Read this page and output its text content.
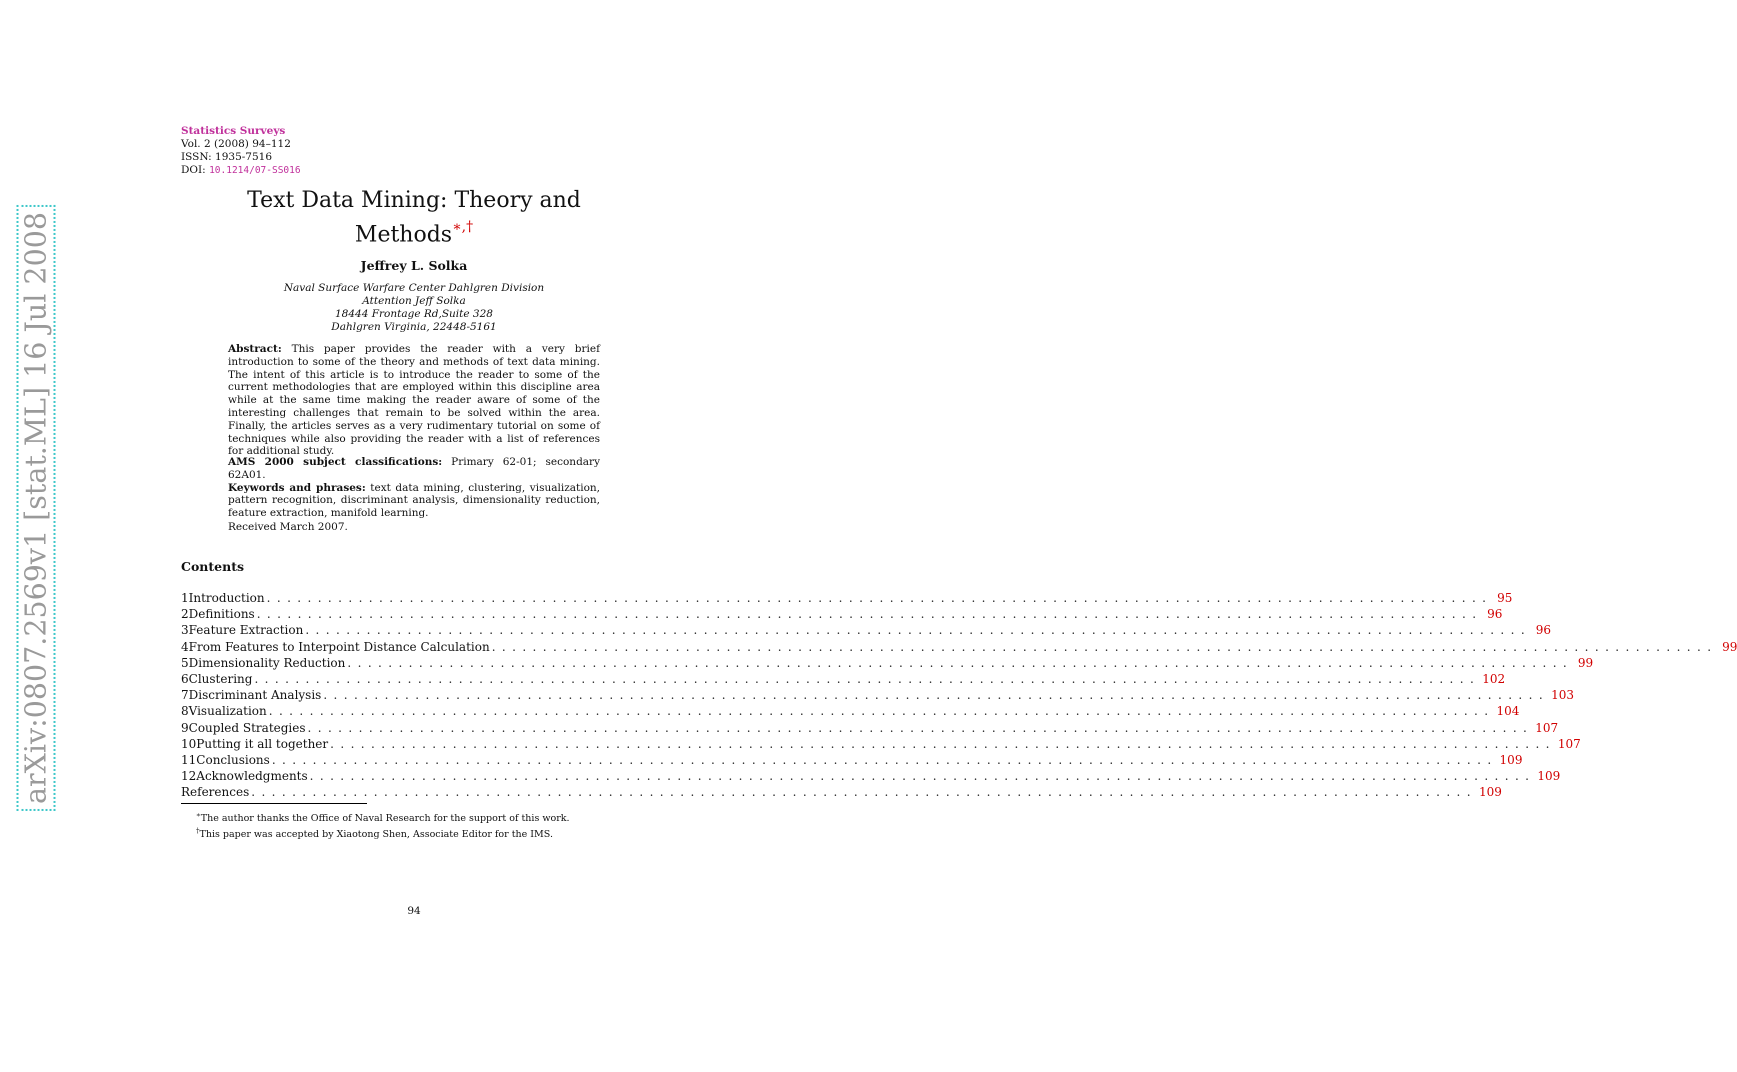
arXiv:0807.2569v1 [stat.ML] 16 Jul 2008
Statistics Surveys
Vol. 2 (2008) 94–112
ISSN: 1935-7516
DOI: 10.1214/07-SS016
Text Data Mining: Theory and
Methods∗,†
Jeffrey L. Solka
Naval Surface Warfare Center Dahlgren Division
Attention Jeff Solka
18444 Frontage Rd,Suite 328
Dahlgren Virginia, 22448-5161
Abstract: This paper provides the reader with a very brief introduction to some of the theory and methods of text data mining. The intent of this article is to introduce the reader to some of the current methodologies that are employed within this discipline area while at the same time making the reader aware of some of the interesting challenges that remain to be solved within the area. Finally, the articles serves as a very rudimentary tutorial on some of techniques while also providing the reader with a list of references for additional study.
AMS 2000 subject classifications: Primary 62-01; secondary 62A01.
Keywords and phrases: text data mining, clustering, visualization, pattern recognition, discriminant analysis, dimensionality reduction, feature extraction, manifold learning.
Received March 2007.
Contents
1 Introduction ........................................................................................................................ 95
2 Definitions ........................................................................................................................ 96
3 Feature Extraction ........................................................................................................................ 96
4 From Features to Interpoint Distance Calculation ........................................................................................................................ 99
5 Dimensionality Reduction ........................................................................................................................ 99
6 Clustering ........................................................................................................................ 102
7 Discriminant Analysis ........................................................................................................................ 103
8 Visualization ........................................................................................................................ 104
9 Coupled Strategies ........................................................................................................................ 107
10 Putting it all together ........................................................................................................................ 107
11 Conclusions ........................................................................................................................ 109
12 Acknowledgments ........................................................................................................................ 109
References ........................................................................................................................ 109
∗The author thanks the Office of Naval Research for the support of this work.
†This paper was accepted by Xiaotong Shen, Associate Editor for the IMS.
94
